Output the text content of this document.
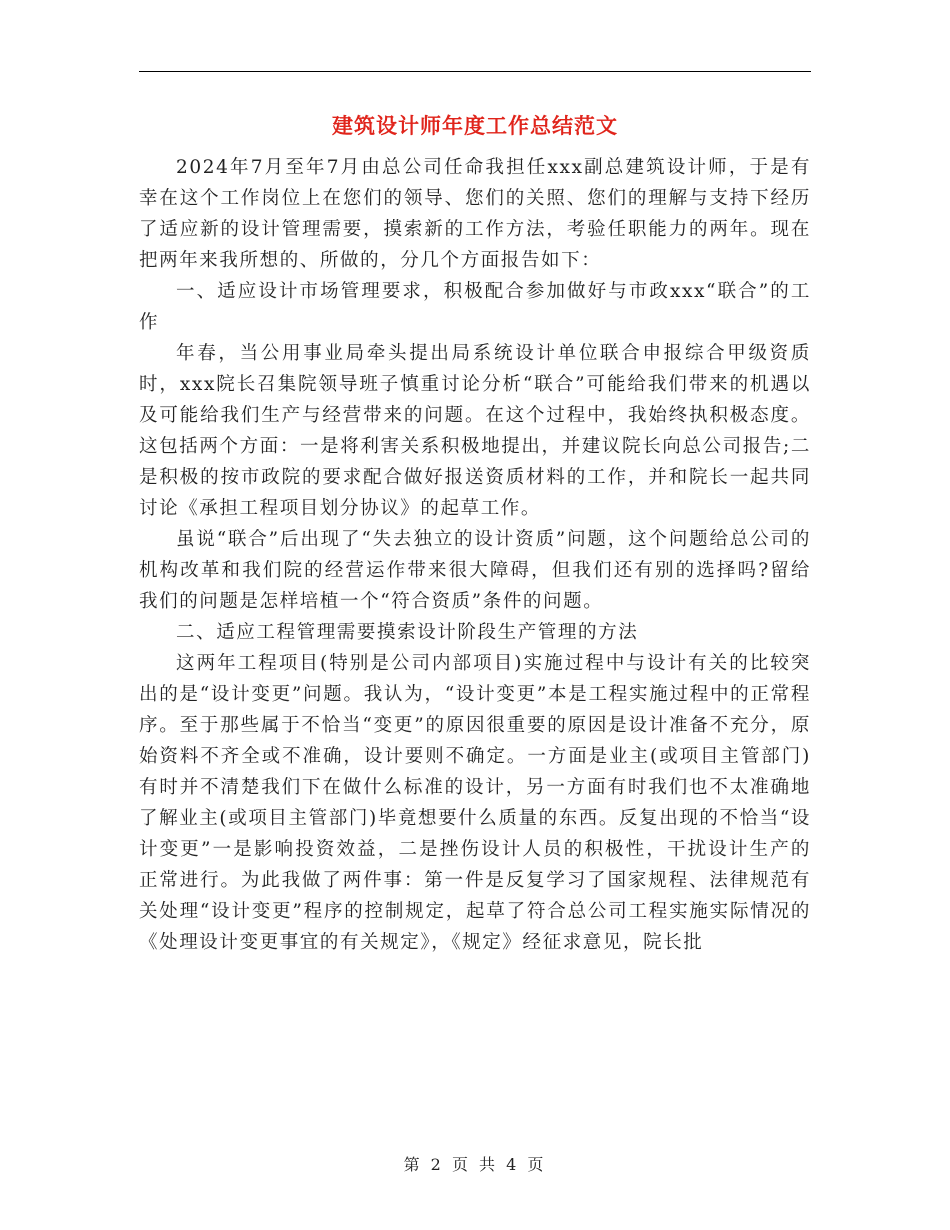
建筑设计师年度工作总结范文

2024年7月至年7月由总公司任命我担任xxx副总建筑设计师，于是有幸在这个工作岗位上在您们的领导、您们的关照、您们的理解与支持下经历了适应新的设计管理需要，摸索新的工作方法，考验任职能力的两年。现在把两年来我所想的、所做的，分几个方面报告如下：

一、适应设计市场管理要求，积极配合参加做好与市政xxx“联合”的工作

年春，当公用事业局牵头提出局系统设计单位联合申报综合甲级资质时，xxx院长召集院领导班子慎重讨论分析“联合”可能给我们带来的机遇以及可能给我们生产与经营带来的问题。在这个过程中，我始终执积极态度。这包括两个方面：一是将利害关系积极地提出，并建议院长向总公司报告;二是积极的按市政院的要求配合做好报送资质材料的工作，并和院长一起共同讨论《承担工程项目划分协议》的起草工作。

虽说“联合”后出现了“失去独立的设计资质”问题，这个问题给总公司的机构改革和我们院的经营运作带来很大障碍，但我们还有别的选择吗?留给我们的问题是怎样培植一个“符合资质”条件的问题。

二、适应工程管理需要摸索设计阶段生产管理的方法

这两年工程项目(特别是公司内部项目)实施过程中与设计有关的比较突出的是“设计变更”问题。我认为，“设计变更”本是工程实施过程中的正常程序。至于那些属于不恰当“变更”的原因很重要的原因是设计准备不充分，原始资料不齐全或不准确，设计要则不确定。一方面是业主(或项目主管部门)有时并不清楚我们下在做什么标准的设计，另一方面有时我们也不太准确地了解业主(或项目主管部门)毕竟想要什么质量的东西。反复出现的不恰当“设计变更”一是影响投资效益，二是挫伤设计人员的积极性，干扰设计生产的正常进行。为此我做了两件事：第一件是反复学习了国家规程、法律规范有关处理“设计变更”程序的控制规定，起草了符合总公司工程实施实际情况的《处理设计变更事宜的有关规定》，《规定》经征求意见，院长批

第 2 页 共 4 页
